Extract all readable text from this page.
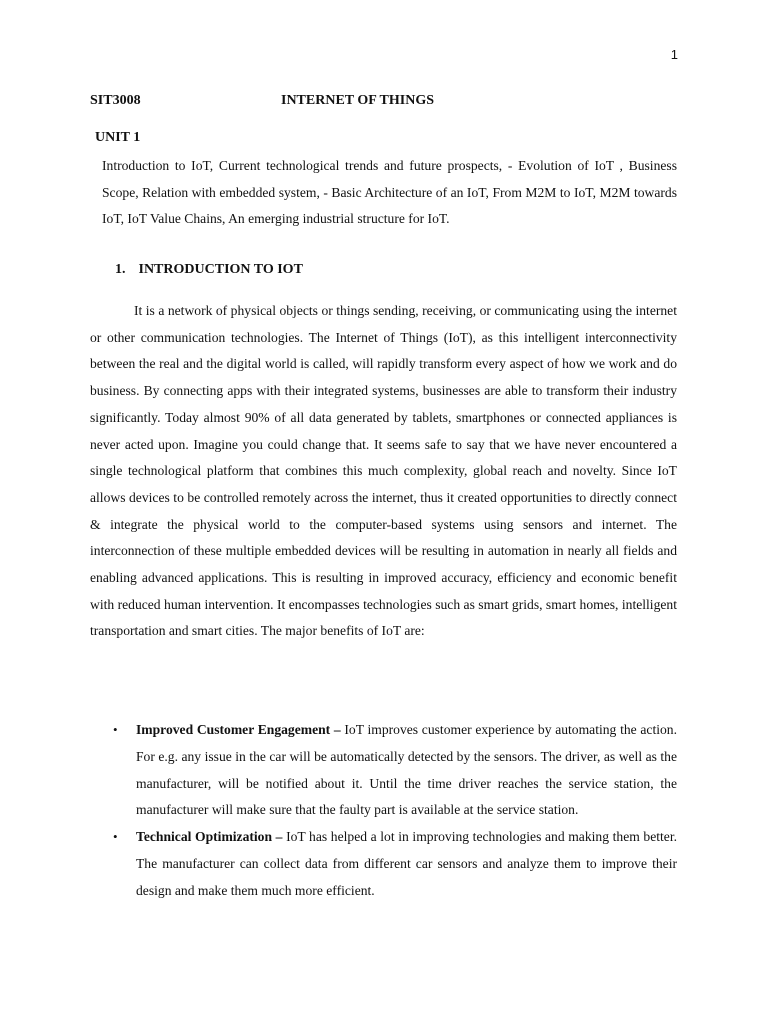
1
SIT3008	INTERNET OF THINGS
UNIT 1

Introduction to IoT, Current technological trends and future prospects, - Evolution of IoT , Business Scope, Relation with embedded system, - Basic Architecture of an IoT, From M2M to IoT, M2M towards IoT, IoT Value Chains, An emerging industrial structure for IoT.

1. INTRODUCTION TO IOT

It is a network of physical objects or things sending, receiving, or communicating using the internet or other communication technologies. The Internet of Things (IoT), as this intelligent interconnectivity between the real and the digital world is called, will rapidly transform every aspect of how we work and do business. By connecting apps with their integrated systems, businesses are able to transform their industry significantly. Today almost 90% of all data generated by tablets, smartphones or connected appliances is never acted upon. Imagine you could change that. It seems safe to say that we have never encountered a single technological platform that combines this much complexity, global reach and novelty. Since IoT allows devices to be controlled remotely across the internet, thus it created opportunities to directly connect & integrate the physical world to the computer-based systems using sensors and internet. The interconnection of these multiple embedded devices will be resulting in automation in nearly all fields and enabling advanced applications. This is resulting in improved accuracy, efficiency and economic benefit with reduced human intervention. It encompasses technologies such as smart grids, smart homes, intelligent transportation and smart cities. The major benefits of IoT are:

• Improved Customer Engagement – IoT improves customer experience by automating the action. For e.g. any issue in the car will be automatically detected by the sensors. The driver, as well as the manufacturer, will be notified about it. Until the time driver reaches the service station, the manufacturer will make sure that the faulty part is available at the service station.
• Technical Optimization – IoT has helped a lot in improving technologies and making them better. The manufacturer can collect data from different car sensors and analyze them to improve their design and make them much more efficient.
